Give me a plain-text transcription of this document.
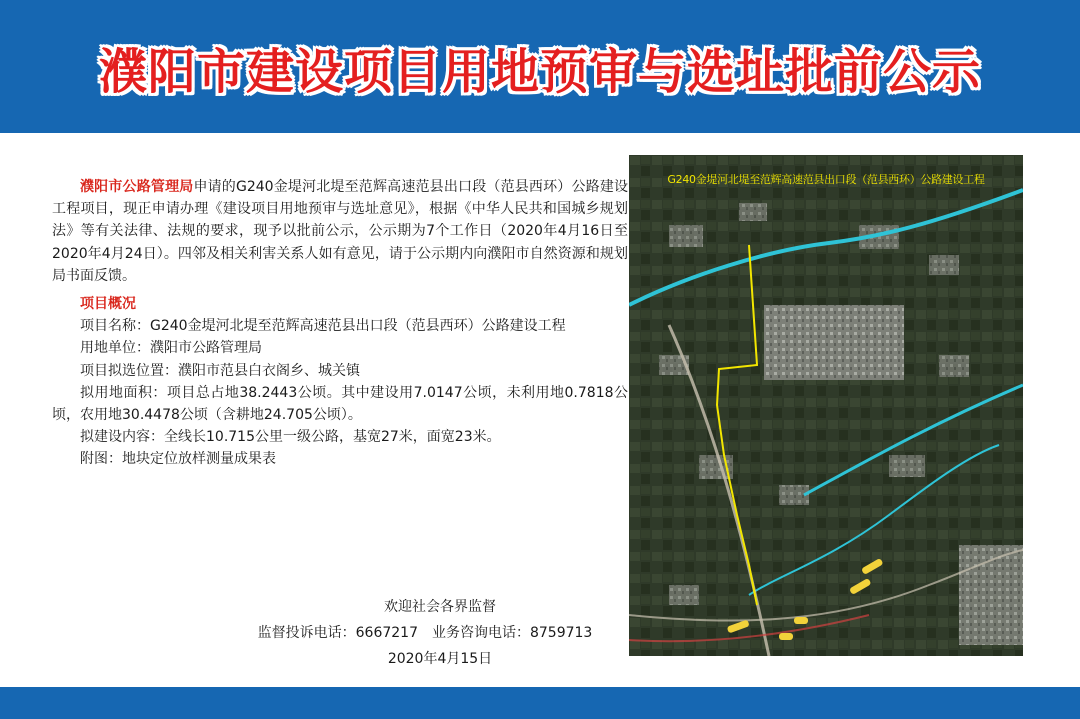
濮阳市建设项目用地预审与选址批前公示

濮阳市公路管理局申请的G240金堤河北堤至范辉高速范县出口段（范县西环）公路建设工程项目，现正申请办理《建设项目用地预审与选址意见》，根据《中华人民共和国城乡规划法》等有关法律、法规的要求，现予以批前公示，公示期为7个工作日（2020年4月16日至2020年4月24日）。四邻及相关利害关系人如有意见，请于公示期内向濮阳市自然资源和规划局书面反馈。

项目概况

项目名称：G240金堤河北堤至范辉高速范县出口段（范县西环）公路建设工程

用地单位：濮阳市公路管理局

项目拟选位置：濮阳市范县白衣阁乡、城关镇

拟用地面积：项目总占地38.2443公顷。其中建设用7.0147公顷，未利用地0.7818公顷，农用地30.4478公顷（含耕地24.705公顷）。

拟建设内容：全线长10.715公里一级公路，基宽27米，面宽23米。

附图：地块定位放样测量成果表

欢迎社会各界监督
监督投诉电话：6667217　业务咨询电话：8759713
2020年4月15日
G240金堤河北堤至范辉高速范县出口段（范县西环）公路建设工程
